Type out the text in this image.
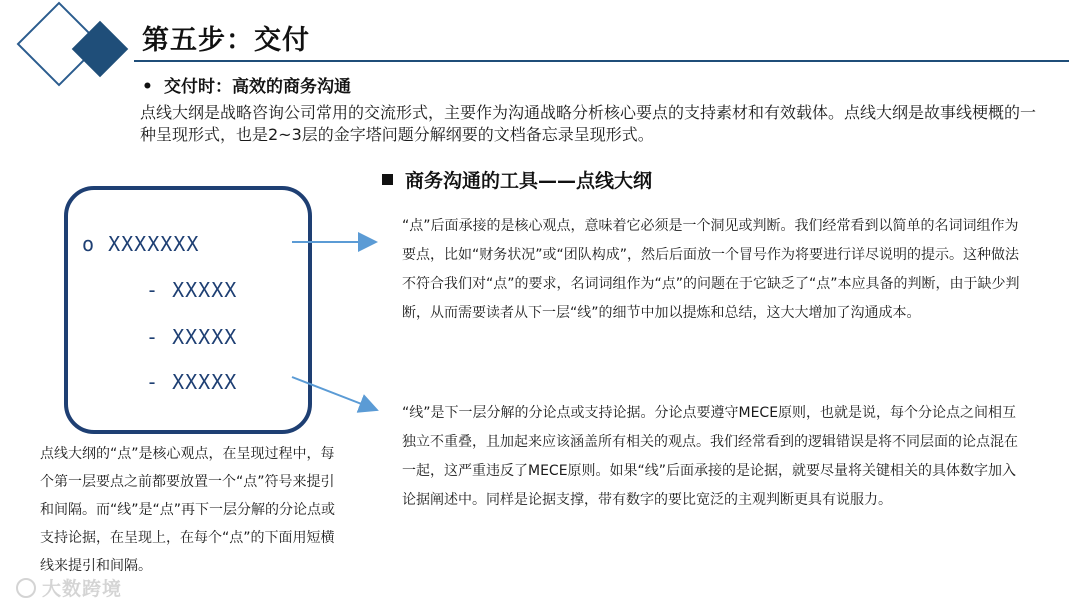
第五步：交付
• 交付时：高效的商务沟通
点线大纲是战略咨询公司常用的交流形式，主要作为沟通战略分析核心要点的支持素材和有效载体。点线大纲是故事线梗概的一种呈现形式，也是2~3层的金字塔问题分解纲要的文档备忘录呈现形式。
商务沟通的工具——点线大纲
o XXXXXXX
- XXXXX
- XXXXX
- XXXXX
“点”后面承接的是核心观点，意味着它必须是一个洞见或判断。我们经常看到以简单的名词词组作为要点，比如“财务状况”或“团队构成”，然后后面放一个冒号作为将要进行详尽说明的提示。这种做法不符合我们对“点”的要求，名词词组作为“点”的问题在于它缺乏了“点”本应具备的判断，由于缺少判断，从而需要读者从下一层“线”的细节中加以提炼和总结，这大大增加了沟通成本。
“线”是下一层分解的分论点或支持论据。分论点要遵守MECE原则，也就是说，每个分论点之间相互独立不重叠，且加起来应该涵盖所有相关的观点。我们经常看到的逻辑错误是将不同层面的论点混在一起，这严重违反了MECE原则。如果“线”后面承接的是论据，就要尽量将关键相关的具体数字加入论据阐述中。同样是论据支撑，带有数字的要比宽泛的主观判断更具有说服力。
点线大纲的“点”是核心观点，在呈现过程中，每个第一层要点之前都要放置一个“点”符号来提引和间隔。而“线”是“点”再下一层分解的分论点或支持论据，在呈现上，在每个“点”的下面用短横线来提引和间隔。
大数跨境
